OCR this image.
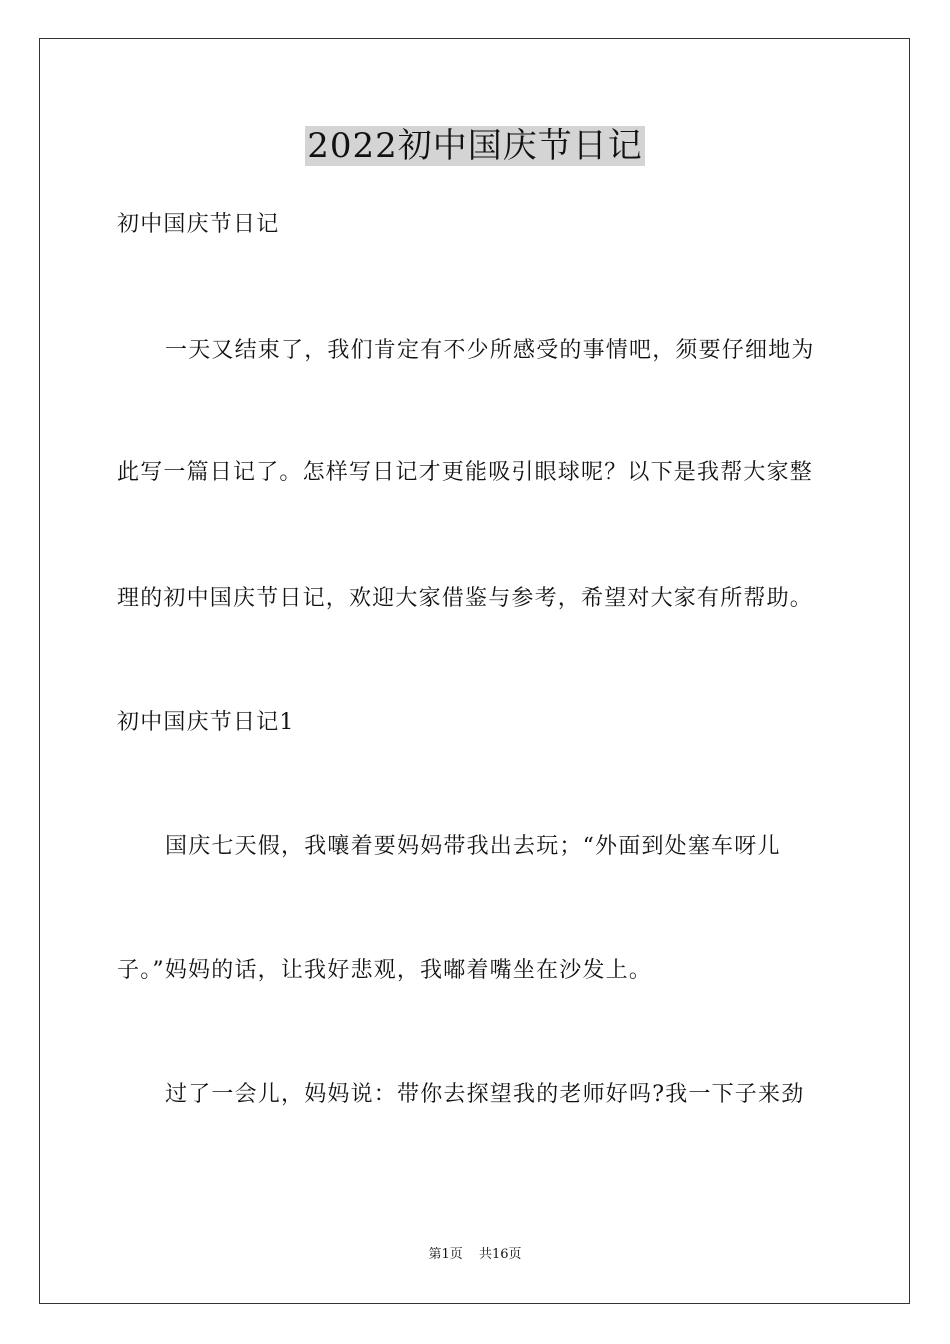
2022初中国庆节日记
初中国庆节日记
一天又结束了，我们肯定有不少所感受的事情吧，须要仔细地为
此写一篇日记了。怎样写日记才更能吸引眼球呢？以下是我帮大家整
理的初中国庆节日记，欢迎大家借鉴与参考，希望对大家有所帮助。
初中国庆节日记1
国庆七天假，我嚷着要妈妈带我出去玩；“外面到处塞车呀儿
子。”妈妈的话，让我好悲观，我嘟着嘴坐在沙发上。
过了一会儿，妈妈说：带你去探望我的老师好吗?我一下子来劲
第1页 共16页
